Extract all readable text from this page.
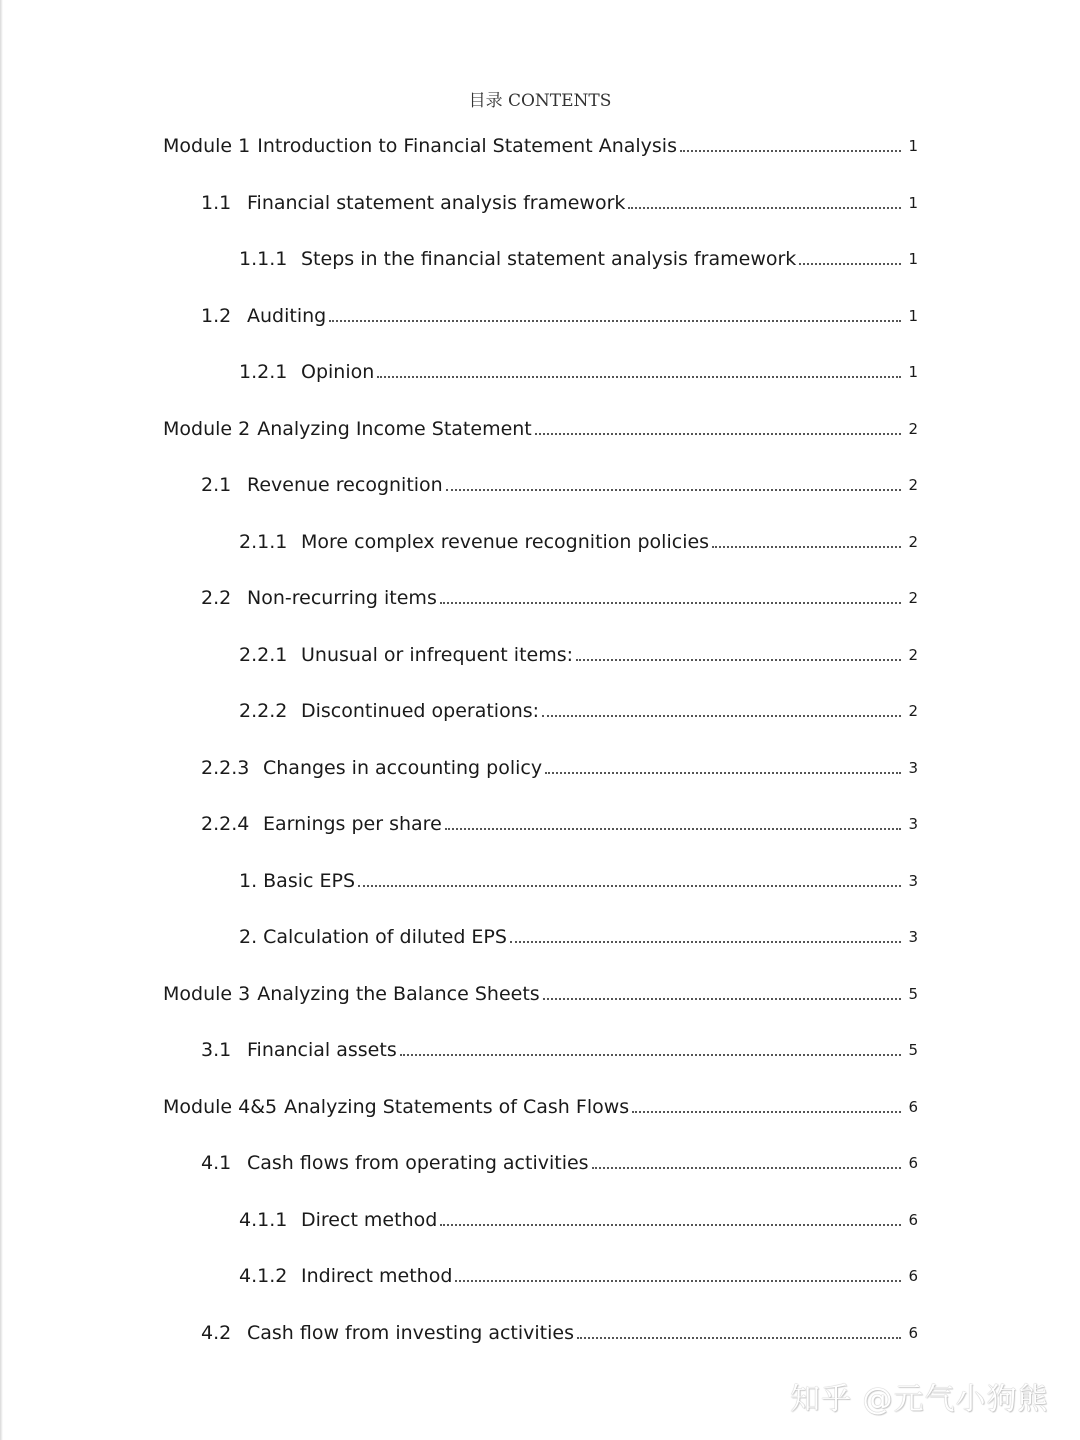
目录 CONTENTS
Module 1 Introduction to Financial Statement Analysis	1
1.1 Financial statement analysis framework	1
1.1.1 Steps in the financial statement analysis framework	1
1.2 Auditing	1
1.2.1 Opinion	1
Module 2 Analyzing Income Statement	2
2.1 Revenue recognition	2
2.1.1 More complex revenue recognition policies	2
2.2 Non-recurring items	2
2.2.1 Unusual or infrequent items:	2
2.2.2 Discontinued operations:	2
2.2.3 Changes in accounting policy	3
2.2.4 Earnings per share	3
1. Basic EPS	3
2. Calculation of diluted EPS	3
Module 3 Analyzing the Balance Sheets	5
3.1 Financial assets	5
Module 4&5 Analyzing Statements of Cash Flows	6
4.1 Cash flows from operating activities	6
4.1.1 Direct method	6
4.1.2 Indirect method	6
4.2 Cash flow from investing activities	6
知乎 @元气小狗熊
